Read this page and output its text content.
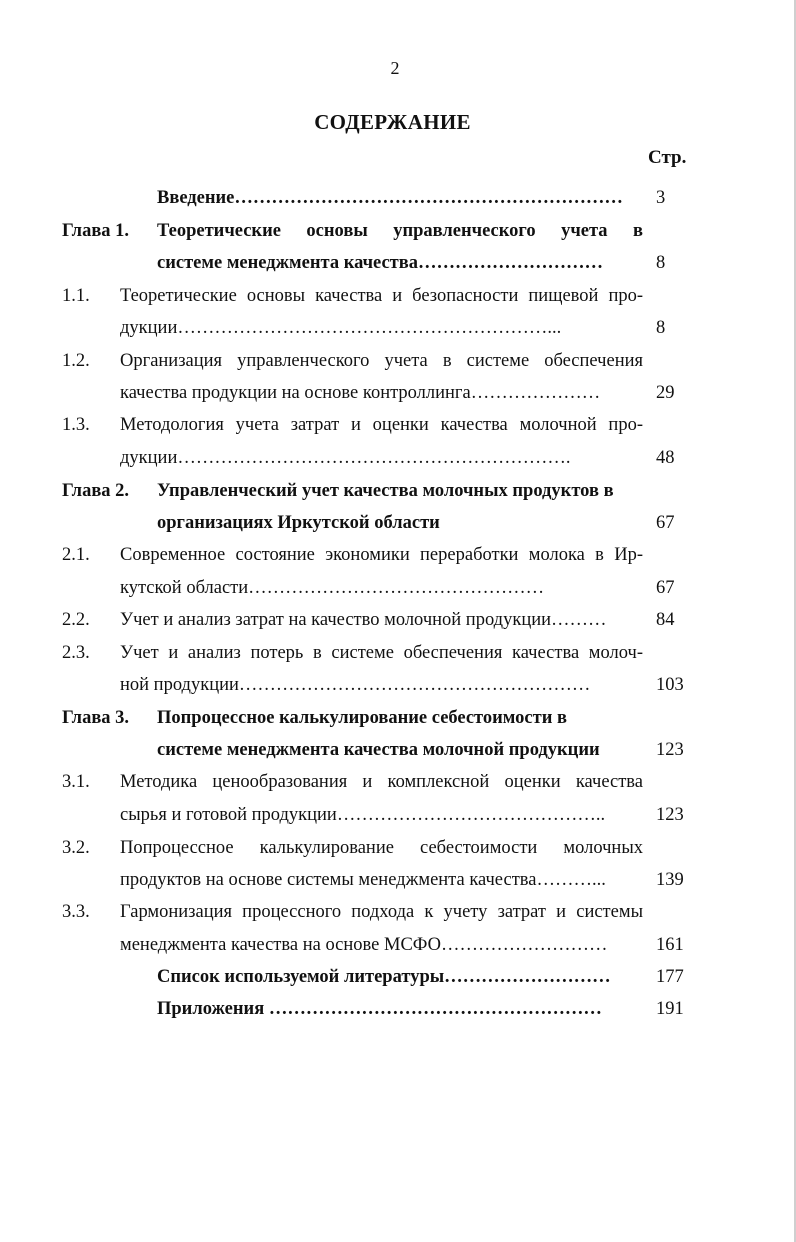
2
СОДЕРЖАНИЕ
Стр.
Введение………………………………………………………	3
Глава 1. Теоретические основы управленческого учета в
системе менеджмента качества…………………………	8
1.1. Теоретические основы качества и безопасности пищевой про-
дукции……………………………………………………...	8
1.2. Организация управленческого учета в системе обеспечения
качества продукции на основе контроллинга…………………	29
1.3. Методология учета затрат и оценки качества молочной про-
дукции……………………………………………………….	48
Глава 2. Управленческий учет качества молочных продуктов в
организациях Иркутской области	67
2.1. Современное состояние экономики переработки молока в Ир-
кутской области…………………………………………	67
2.2. Учет и анализ затрат на качество молочной продукции………	84
2.3. Учет и анализ потерь в системе обеспечения качества молоч-
ной продукции…………………………………………………	103
Глава 3. Попроцессное калькулирование себестоимости в
системе менеджмента качества молочной продукции	123
3.1. Методика ценообразования и комплексной оценки качества
сырья и готовой продукции……………………………………..	123
3.2. Попроцессное калькулирование себестоимости молочных
продуктов на основе системы менеджмента качества………...	139
3.3. Гармонизация процессного подхода к учету затрат и системы
менеджмента качества на основе МСФО………………………	161
Список используемой литературы………………………	177
Приложения ………………………………………………	191
